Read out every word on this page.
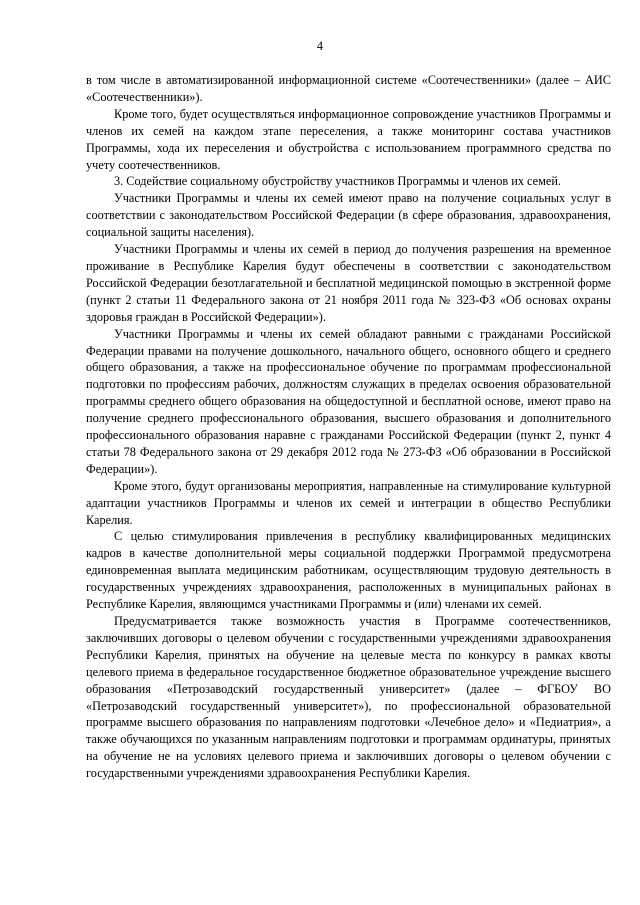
4

в том числе в автоматизированной информационной системе «Соотечественники» (далее – АИС «Соотечественники»).

Кроме того, будет осуществляться информационное сопровождение участников Программы и членов их семей на каждом этапе переселения, а также мониторинг состава участников Программы, хода их переселения и обустройства с использованием программного средства по учету соотечественников.

3. Содействие социальному обустройству участников Программы и членов их семей.

Участники Программы и члены их семей имеют право на получение социальных услуг в соответствии с законодательством Российской Федерации (в сфере образования, здравоохранения, социальной защиты населения).

Участники Программы и члены их семей в период до получения разрешения на временное проживание в Республике Карелия будут обеспечены в соответствии с законодательством Российской Федерации безотлагательной и бесплатной медицинской помощью в экстренной форме (пункт 2 статьи 11 Федерального закона от 21 ноября 2011 года № 323-ФЗ «Об основах охраны здоровья граждан в Российской Федерации»).

Участники Программы и члены их семей обладают равными с гражданами Российской Федерации правами на получение дошкольного, начального общего, основного общего и среднего общего образования, а также на профессиональное обучение по программам профессиональной подготовки по профессиям рабочих, должностям служащих в пределах освоения образовательной программы среднего общего образования на общедоступной и бесплатной основе, имеют право на получение среднего профессионального образования, высшего образования и дополнительного профессионального образования наравне с гражданами Российской Федерации (пункт 2, пункт 4 статьи 78 Федерального закона от 29 декабря 2012 года № 273-ФЗ «Об образовании в Российской Федерации»).

Кроме этого, будут организованы мероприятия, направленные на стимулирование культурной адаптации участников Программы и членов их семей и интеграции в общество Республики Карелия.

С целью стимулирования привлечения в республику квалифицированных медицинских кадров в качестве дополнительной меры социальной поддержки Программой предусмотрена единовременная выплата медицинским работникам, осуществляющим трудовую деятельность в государственных учреждениях здравоохранения, расположенных в муниципальных районах в Республике Карелия, являющимся участниками Программы и (или) членами их семей.

Предусматривается также возможность участия в Программе соотечественников, заключивших договоры о целевом обучении с государственными учреждениями здравоохранения Республики Карелия, принятых на обучение на целевые места по конкурсу в рамках квоты целевого приема в федеральное государственное бюджетное образовательное учреждение высшего образования «Петрозаводский государственный университет» (далее – ФГБОУ ВО «Петрозаводский государственный университет»), по профессиональной образовательной программе высшего образования по направлениям подготовки «Лечебное дело» и «Педиатрия», а также обучающихся по указанным направлениям подготовки и программам ординатуры, принятых на обучение не на условиях целевого приема и заключивших договоры о целевом обучении с государственными учреждениями здравоохранения Республики Карелия.
